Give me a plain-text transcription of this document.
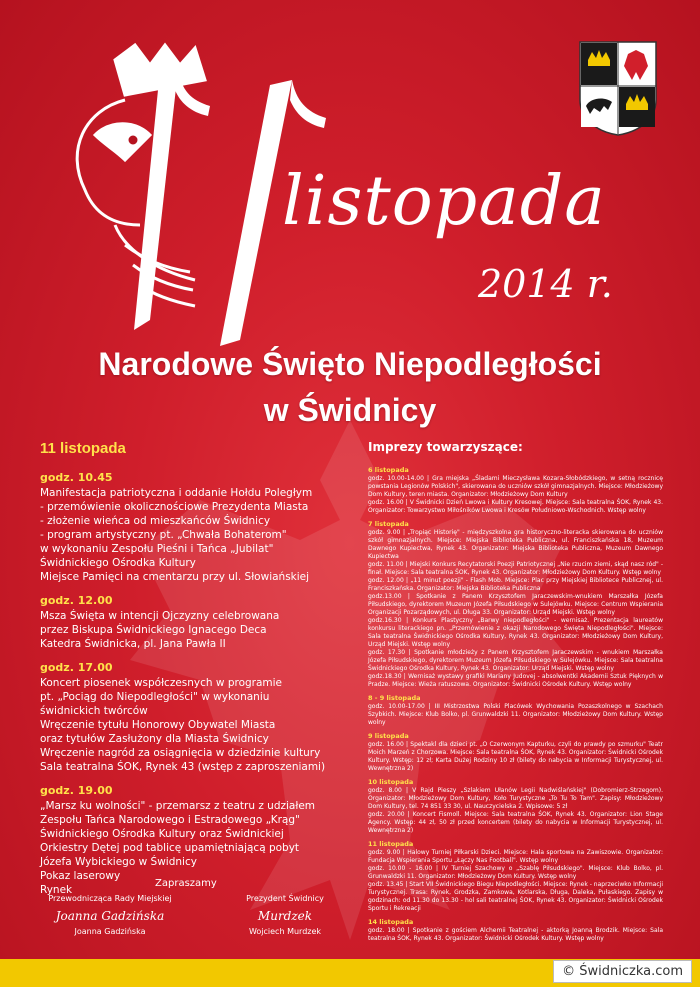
listopada
2014 r.
Narodowe Święto Niepodległości
w Świdnicy
11 listopada
godz. 10.45
Manifestacja patriotyczna i oddanie Hołdu Poległym
- przemówienie okolicznościowe Prezydenta Miasta
- złożenie wieńca od mieszkańców Świdnicy
- program artystyczny pt. „Chwała Bohaterom"
w wykonaniu Zespołu Pieśni i Tańca „Jubilat"
Świdnickiego Ośrodka Kultury
Miejsce Pamięci na cmentarzu przy ul. Słowiańskiej
godz. 12.00
Msza Święta w intencji Ojczyzny celebrowana
przez Biskupa Świdnickiego Ignacego Deca
Katedra Świdnicka, pl. Jana Pawła II
godz. 17.00
Koncert piosenek współczesnych w programie
pt. „Pociąg do Niepodległości" w wykonaniu
świdnickich twórców
Wręczenie tytułu Honorowy Obywatel Miasta
oraz tytułów Zasłużony dla Miasta Świdnicy
Wręczenie nagród za osiągnięcia w dziedzinie kultury
Sala teatralna ŚOK, Rynek 43 (wstęp z zaproszeniami)
godz. 19.00
„Marsz ku wolności" - przemarsz z teatru z udziałem
Zespołu Tańca Narodowego i Estradowego „Krąg"
Świdnickiego Ośrodka Kultury oraz Świdnickiej
Orkiestry Dętej pod tablicę upamiętniającą pobyt
Józefa Wybickiego w Świdnicy
Pokaz laserowy
Rynek
Imprezy towarzyszące:
6 listopada
godz. 10.00-14.00 | Gra miejska „Śladami Mieczysława Kozara-Słobódzkiego, w setną rocznicę powstania Legionów Polskich", skierowana do uczniów szkół gimnazjalnych. Miejsce: Młodzieżowy Dom Kultury, teren miasta. Organizator: Młodzieżowy Dom Kultury
godz. 16.00 | V Świdnicki Dzień Lwowa i Kultury Kresowej. Miejsce: Sala teatralna ŚOK, Rynek 43. Organizator: Towarzystwo Miłośników Lwowa i Kresów Południowo-Wschodnich. Wstęp wolny
7 listopada
godz. 9.00 | „Tropiąc Historię" - międzyszkolna gra historyczno-literacka skierowana do uczniów szkół gimnazjalnych. Miejsce: Miejska Biblioteka Publiczna, ul. Franciszkańska 18, Muzeum Dawnego Kupiectwa, Rynek 43. Organizator: Miejska Biblioteka Publiczna, Muzeum Dawnego Kupiectwa
godz. 11.00 | Miejski Konkurs Recytatorski Poezji Patriotycznej „Nie rzucim ziemi, skąd nasz ród" - finał. Miejsce: Sala teatralna ŚOK, Rynek 43. Organizator: Młodzieżowy Dom Kultury. Wstęp wolny
godz. 12.00 | „11 minut poezji" - Flash Mob. Miejsce: Plac przy Miejskiej Bibliotece Publicznej, ul. Franciszkańska. Organizator: Miejska Biblioteka Publiczna
godz.13.00 | Spotkanie z Panem Krzysztofem Jaraczewskim-wnukiem Marszałka Józefa Piłsudskiego, dyrektorem Muzeum Józefa Piłsudskiego w Sulejówku. Miejsce: Centrum Wspierania Organizacji Pozarządowych, ul. Długa 33. Organizator: Urząd Miejski. Wstęp wolny
godz.16.30 | Konkurs Plastyczny „Barwy niepodległości" - wernisaż. Prezentacja laureatów konkursu literackiego pn. „Przemówienie z okazji Narodowego Święta Niepodległości". Miejsce: Sala teatralna Świdnickiego Ośrodka Kultury, Rynek 43. Organizator: Młodzieżowy Dom Kultury, Urząd Miejski. Wstęp wolny
godz. 17.30 | Spotkanie młodzieży z Panem Krzysztofem Jaraczewskim - wnukiem Marszałka Józefa Piłsudskiego, dyrektorem Muzeum Józefa Piłsudskiego w Sulejówku. Miejsce: Sala teatralna Świdnickiego Ośrodka Kultury, Rynek 43. Organizator: Urząd Miejski. Wstęp wolny
godz.18.30 | Wernisaż wystawy grafiki Mariany Judovej - absolwentki Akademii Sztuk Pięknych w Pradze. Miejsce: Wieża ratuszowa. Organizator: Świdnicki Ośrodek Kultury. Wstęp wolny
8 - 9 listopada
godz. 10.00-17.00 | III Mistrzostwa Polski Placówek Wychowania Pozaszkolnego w Szachach Szybkich. Miejsce: Klub Bolko, pl. Grunwaldzki 11. Organizator: Młodzieżowy Dom Kultury. Wstęp wolny
9 listopada
godz. 16.00 | Spektakl dla dzieci pt. „O Czerwonym Kapturku, czyli do prawdy po szmurku" Teatr Moich Marzeń z Chorzowa. Miejsce: Sala teatralna ŚOK, Rynek 43. Organizator: Świdnicki Ośrodek Kultury. Wstęp: 12 zł; Karta Dużej Rodziny 10 zł (bilety do nabycia w Informacji Turystycznej, ul. Wewnętrzna 2)
10 listopada
godz. 8.00 | V Rajd Pieszy „Szlakiem Ułanów Legii Nadwiślańskiej" (Dobromierz-Strzegom). Organizator: Młodzieżowy Dom Kultury, Koło Turystyczne „To Tu To Tam". Zapisy: Młodzieżowy Dom Kultury, tel. 74 851 33 30, ul. Nauczycielska 2. Wpisowe: 5 zł
godz. 20.00 | Koncert Fismoll. Miejsce: Sala teatralna ŚOK, Rynek 43. Organizator: Lion Stage Agency. Wstęp: 44 zł, 50 zł przed koncertem (bilety do nabycia w Informacji Turystycznej, ul. Wewnętrzna 2)
11 listopada
godz. 9.00 | Halowy Turniej Piłkarski Dzieci. Miejsce: Hala sportowa na Zawiszowie. Organizator: Fundacja Wspierania Sportu „Łączy Nas Football". Wstęp wolny
godz. 10.00 - 16.00 | IV Turniej Szachowy o „Szablę Piłsudskiego". Miejsce: Klub Bolko, pl. Grunwaldzki 11. Organizator: Młodzieżowy Dom Kultury. Wstęp wolny
godz. 13.45 | Start VII Świdnickiego Biegu Niepodległości. Miejsce: Rynek - naprzeciwko Informacji Turystycznej. Trasa: Rynek, Grodzka, Zamkowa, Kotlarska, Długa, Daleka, Pułaskiego. Zapisy w godzinach: od 11.30 do 13.30 - hol sali teatralnej ŚOK, Rynek 43. Organizator: Świdnicki Ośrodek Sportu i Rekreacji
14 listopada
godz. 18.00 | Spotkanie z gościem Alchemii Teatralnej - aktorką Joanną Brodzik. Miejsce: Sala teatralna ŚOK, Rynek 43. Organizator: Świdnicki Ośrodek Kultury. Wstęp wolny
Zapraszamy
Przewodnicząca Rady Miejskiej
Joanna Gadzińska
Joanna Gadzińska
Prezydent Świdnicy
Murdzek
Wojciech Murdzek
© Świdniczka.com
